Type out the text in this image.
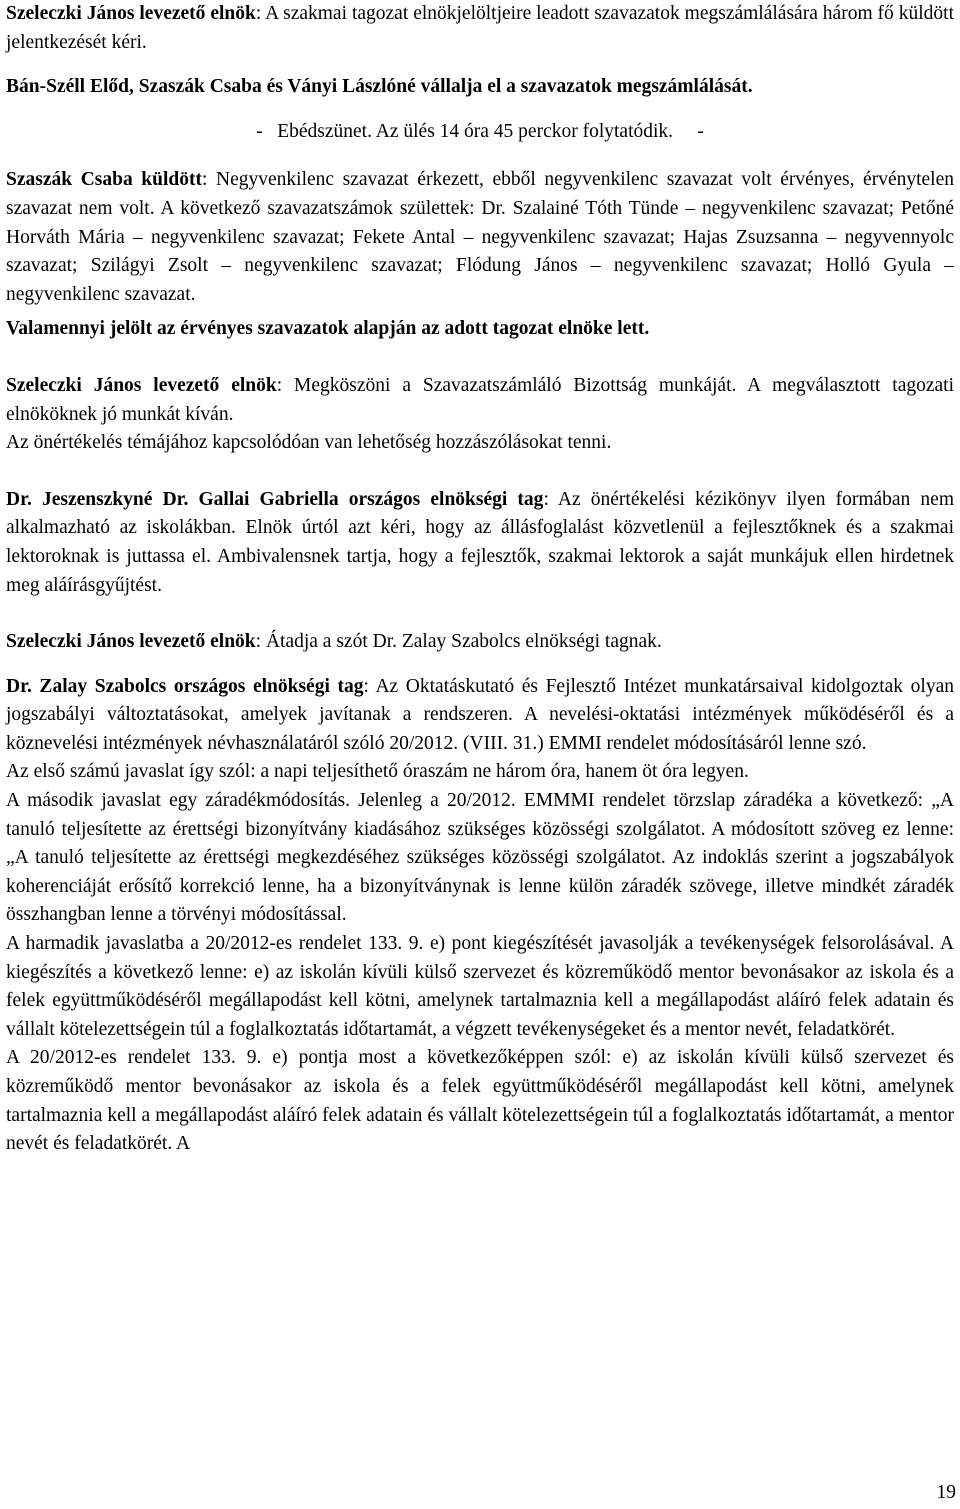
Szeleczki János levezető elnök: A szakmai tagozat elnökjelöltjeire leadott szavazatok megszámlálására három fő küldött jelentkezését kéri.

Bán-Széll Előd, Szaszák Csaba és Ványi Lászlóné vállalja el a szavazatok megszámlálását.

-   Ebédszünet. Az ülés 14 óra 45 perckor folytatódik.     -

Szaszák Csaba küldött: Negyvenkilenc szavazat érkezett, ebből negyvenkilenc szavazat volt érvényes, érvénytelen szavazat nem volt. A következő szavazatszámok születtek: Dr. Szalainé Tóth Tünde – negyvenkilenc szavazat; Petőné Horváth Mária – negyvenkilenc szavazat; Fekete Antal – negyvenkilenc szavazat; Hajas Zsuzsanna – negyvennyolc szavazat; Szilágyi Zsolt – negyvenkilenc szavazat; Flódung János – negyvenkilenc szavazat; Holló Gyula – negyvenkilenc szavazat.

Valamennyi jelölt az érvényes szavazatok alapján az adott tagozat elnöke lett.

Szeleczki János levezető elnök: Megköszöni a Szavazatszámláló Bizottság munkáját. A megválasztott tagozati elnököknek jó munkát kíván.

Az önértékelés témájához kapcsolódóan van lehetőség hozzászólásokat tenni.

Dr. Jeszenszkyné Dr. Gallai Gabriella országos elnökségi tag: Az önértékelési kézikönyv ilyen formában nem alkalmazható az iskolákban. Elnök úrtól azt kéri, hogy az állásfoglalást közvetlenül a fejlesztőknek és a szakmai lektoroknak is juttassa el. Ambivalensnek tartja, hogy a fejlesztők, szakmai lektorok a saját munkájuk ellen hirdetnek meg aláírásgyűjtést.

Szeleczki János levezető elnök: Átadja a szót Dr. Zalay Szabolcs elnökségi tagnak.

Dr. Zalay Szabolcs országos elnökségi tag: Az Oktatáskutató és Fejlesztő Intézet munkatársaival kidolgoztak olyan jogszabályi változtatásokat, amelyek javítanak a rendszeren. A nevelési-oktatási intézmények működéséről és a köznevelési intézmények névhasználatáról szóló 20/2012. (VIII. 31.) EMMI rendelet módosításáról lenne szó.

Az első számú javaslat így szól: a napi teljesíthető óraszám ne három óra, hanem öt óra legyen.

A második javaslat egy záradékmódosítás. Jelenleg a 20/2012. EMMMI rendelet törzslap záradéka a következő: „A tanuló teljesítette az érettségi bizonyítvány kiadásához szükséges közösségi szolgálatot. A módosított szöveg ez lenne: „A tanuló teljesítette az érettségi megkezdéséhez szükséges közösségi szolgálatot. Az indoklás szerint a jogszabályok koherenciáját erősítő korrekció lenne, ha a bizonyítványnak is lenne külön záradék szövege, illetve mindkét záradék összhangban lenne a törvényi módosítással.

A harmadik javaslatba a 20/2012-es rendelet 133. 9. e) pont kiegészítését javasolják a tevékenységek felsorolásával. A kiegészítés a következő lenne: e) az iskolán kívüli külső szervezet és közreműködő mentor bevonásakor az iskola és a felek együttműködéséről megállapodást kell kötni, amelynek tartalmaznia kell a megállapodást aláíró felek adatain és vállalt kötelezettségein túl a foglalkoztatás időtartamát, a végzett tevékenységeket és a mentor nevét, feladatkörét.

A 20/2012-es rendelet 133. 9. e) pontja most a következőképpen szól: e) az iskolán kívüli külső szervezet és közreműködő mentor bevonásakor az iskola és a felek együttműködéséről megállapodást kell kötni, amelynek tartalmaznia kell a megállapodást aláíró felek adatain és vállalt kötelezettségein túl a foglalkoztatás időtartamát, a mentor nevét és feladatkörét. A

19
